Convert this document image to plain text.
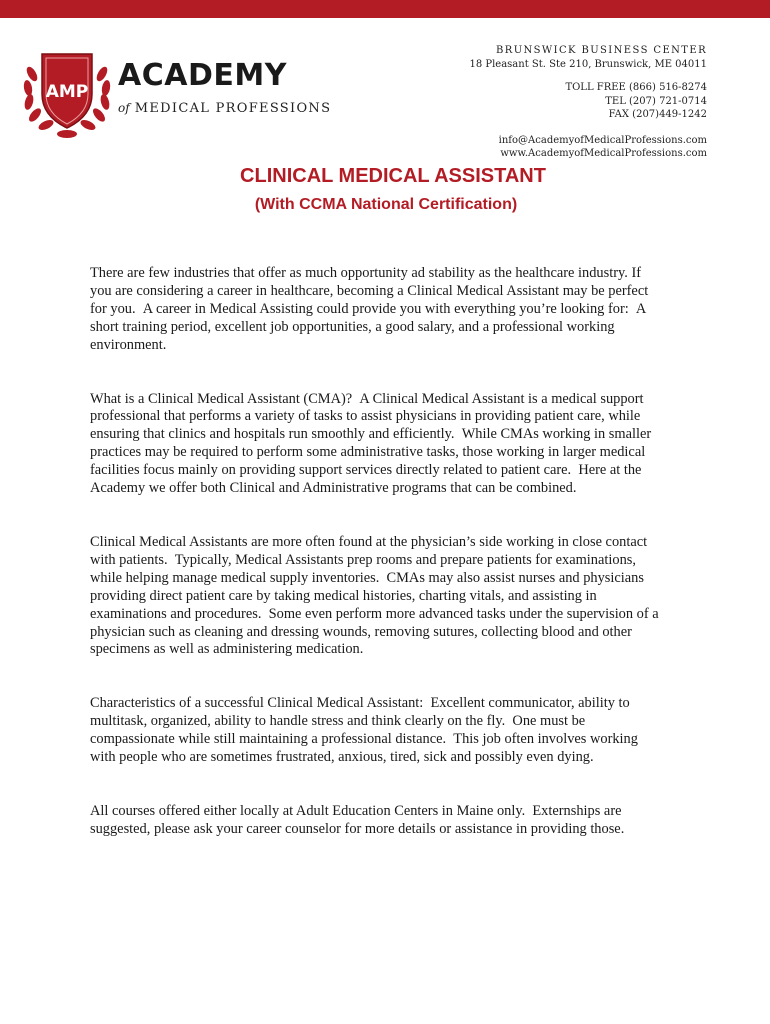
AMP ACADEMY
of MEDICAL PROFESSIONS
BRUNSWICK BUSINESS CENTER
18 Pleasant St. Ste 210, Brunswick, ME 04011
TOLL FREE (866) 516-8274
TEL (207) 721-0714
FAX (207)449-1242
info@AcademyofMedicalProfessions.com
www.AcademyofMedicalProfessions.com
CLINICAL MEDICAL ASSISTANT
(With CCMA National Certification)

There are few industries that offer as much opportunity ad stability as the healthcare industry. If you are considering a career in healthcare, becoming a Clinical Medical Assistant may be perfect for you.  A career in Medical Assisting could provide you with everything you’re looking for:  A short training period, excellent job opportunities, a good salary, and a professional working environment.

What is a Clinical Medical Assistant (CMA)?  A Clinical Medical Assistant is a medical support professional that performs a variety of tasks to assist physicians in providing patient care, while ensuring that clinics and hospitals run smoothly and efficiently.  While CMAs working in smaller practices may be required to perform some administrative tasks, those working in larger medical facilities focus mainly on providing support services directly related to patient care.  Here at the Academy we offer both Clinical and Administrative programs that can be combined.

Clinical Medical Assistants are more often found at the physician’s side working in close contact with patients.  Typically, Medical Assistants prep rooms and prepare patients for examinations, while helping manage medical supply inventories.  CMAs may also assist nurses and physicians providing direct patient care by taking medical histories, charting vitals, and assisting in examinations and procedures.  Some even perform more advanced tasks under the supervision of a physician such as cleaning and dressing wounds, removing sutures, collecting blood and other specimens as well as administering medication.

Characteristics of a successful Clinical Medical Assistant:  Excellent communicator, ability to multitask, organized, ability to handle stress and think clearly on the fly.  One must be compassionate while still maintaining a professional distance.  This job often involves working with people who are sometimes frustrated, anxious, tired, sick and possibly even dying.

All courses offered either locally at Adult Education Centers in Maine only.  Externships are suggested, please ask your career counselor for more details or assistance in providing those.
